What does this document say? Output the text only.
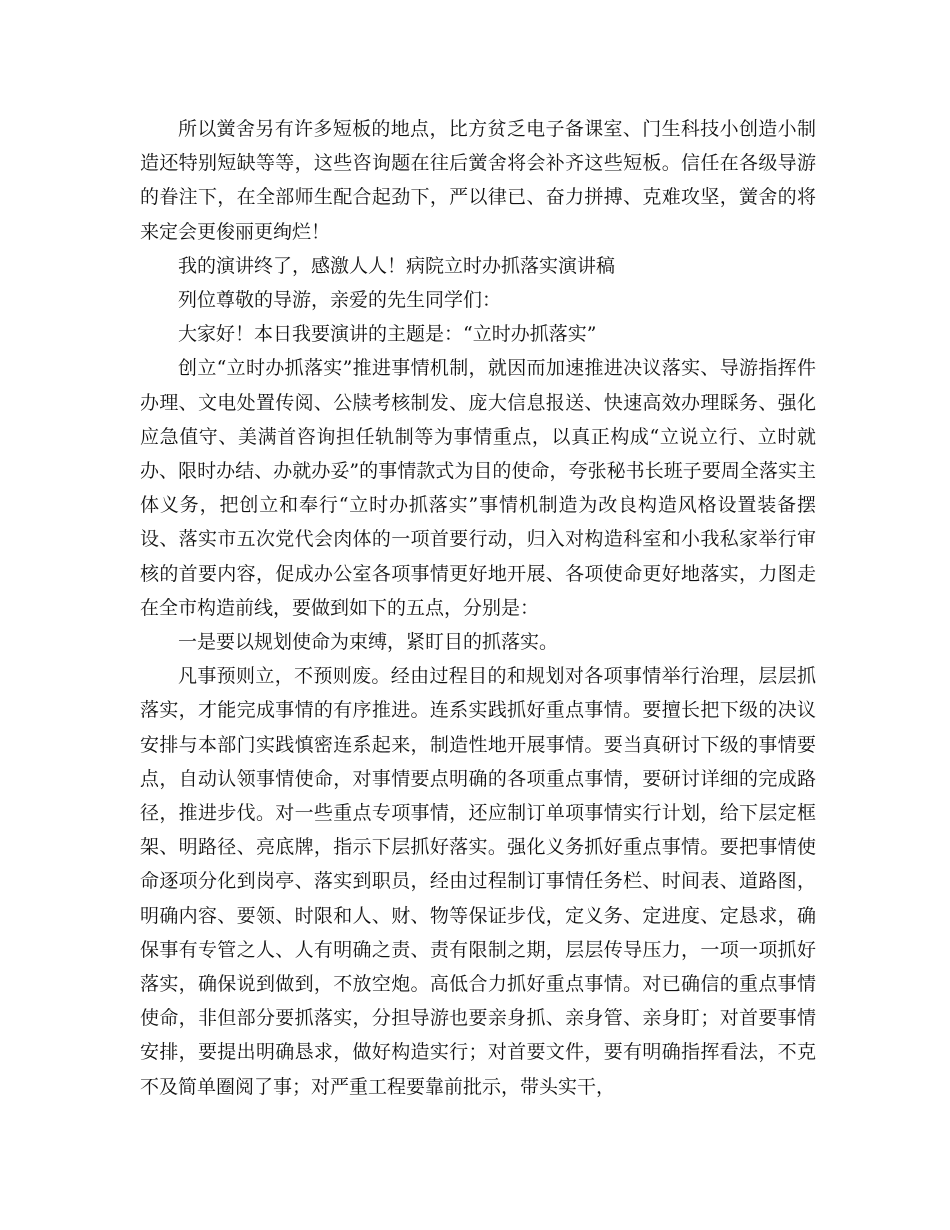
所以黉舍另有许多短板的地点，比方贫乏电子备课室、门生科技小创造小制造还特别短缺等等，这些咨询题在往后黉舍将会补齐这些短板。信任在各级导游的眷注下，在全部师生配合起劲下，严以律已、奋力拼搏、克难攻坚，黉舍的将来定会更俊丽更绚烂！

我的演讲终了，感激人人！病院立时办抓落实演讲稿

列位尊敬的导游，亲爱的先生同学们：

大家好！本日我要演讲的主题是：“立时办抓落实”

创立“立时办抓落实”推进事情机制，就因而加速推进决议落实、导游指挥件办理、文电处置传阅、公牍考核制发、庞大信息报送、快速高效办理睬务、强化应急值守、美满首咨询担任轨制等为事情重点，以真正构成“立说立行、立时就办、限时办结、办就办妥”的事情款式为目的使命，夸张秘书长班子要周全落实主体义务，把创立和奉行“立时办抓落实”事情机制造为改良构造风格设置装备摆设、落实市五次党代会肉体的一项首要行动，归入对构造科室和小我私家举行审核的首要内容，促成办公室各项事情更好地开展、各项使命更好地落实，力图走在全市构造前线，要做到如下的五点，分别是：

一是要以规划使命为束缚，紧盯目的抓落实。

凡事预则立，不预则废。经由过程目的和规划对各项事情举行治理，层层抓落实，才能完成事情的有序推进。连系实践抓好重点事情。要擅长把下级的决议安排与本部门实践慎密连系起来，制造性地开展事情。要当真研讨下级的事情要点，自动认领事情使命，对事情要点明确的各项重点事情，要研讨详细的完成路径，推进步伐。对一些重点专项事情，还应制订单项事情实行计划，给下层定框架、明路径、亮底牌，指示下层抓好落实。强化义务抓好重点事情。要把事情使命逐项分化到岗亭、落实到职员，经由过程制订事情任务栏、时间表、道路图，明确内容、要领、时限和人、财、物等保证步伐，定义务、定进度、定恳求，确保事有专管之人、人有明确之责、责有限制之期，层层传导压力，一项一项抓好落实，确保说到做到，不放空炮。高低合力抓好重点事情。对已确信的重点事情使命，非但部分要抓落实，分担导游也要亲身抓、亲身管、亲身盯；对首要事情安排，要提出明确恳求，做好构造实行；对首要文件，要有明确指挥看法，不克不及简单圈阅了事；对严重工程要靠前批示，带头实干，
